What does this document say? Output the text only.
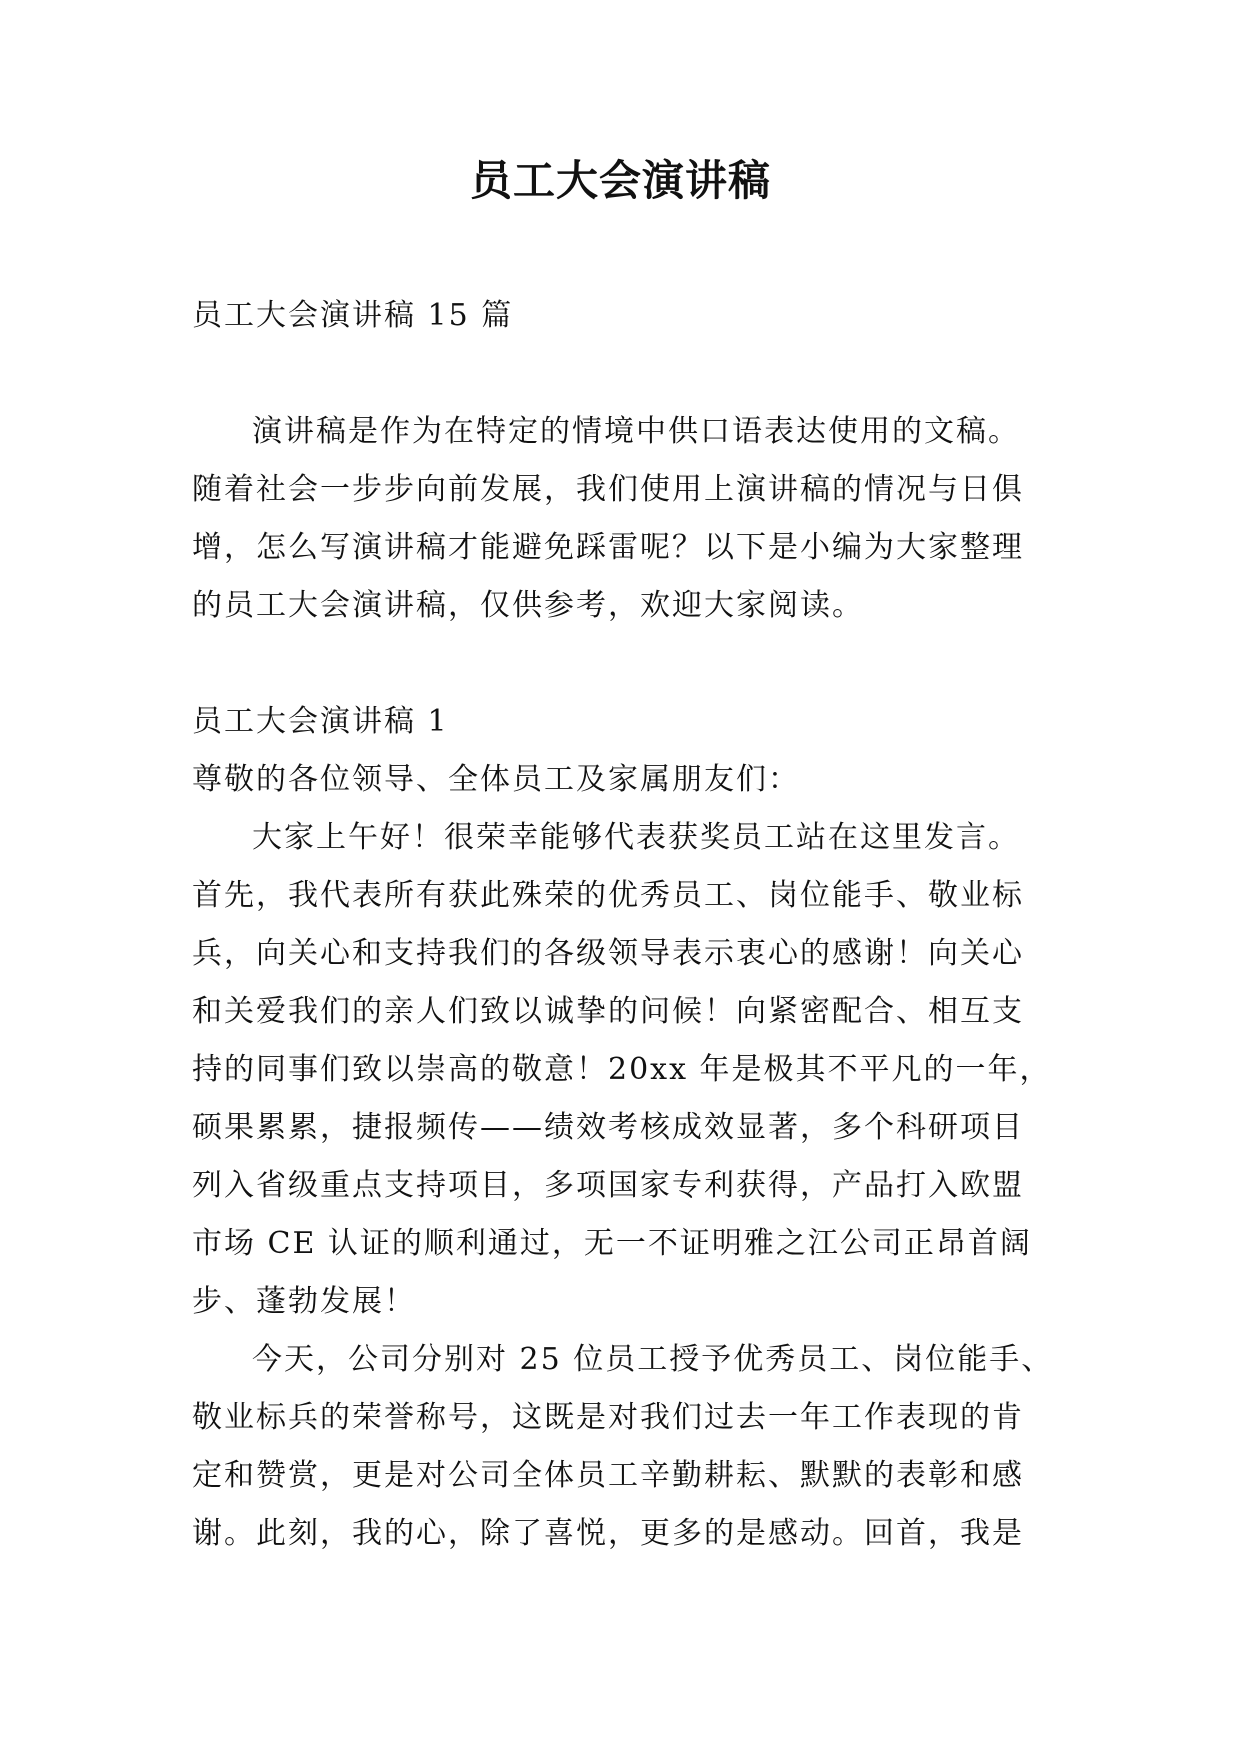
员工大会演讲稿
员工大会演讲稿 15 篇
演讲稿是作为在特定的情境中供口语表达使用的文稿。
随着社会一步步向前发展，我们使用上演讲稿的情况与日俱
增，怎么写演讲稿才能避免踩雷呢？以下是小编为大家整理
的员工大会演讲稿，仅供参考，欢迎大家阅读。
员工大会演讲稿 1
尊敬的各位领导、全体员工及家属朋友们：
大家上午好！很荣幸能够代表获奖员工站在这里发言。
首先，我代表所有获此殊荣的优秀员工、岗位能手、敬业标
兵，向关心和支持我们的各级领导表示衷心的感谢！向关心
和关爱我们的亲人们致以诚挚的问候！向紧密配合、相互支
持的同事们致以崇高的敬意！20xx 年是极其不平凡的一年，
硕果累累，捷报频传——绩效考核成效显著，多个科研项目
列入省级重点支持项目，多项国家专利获得，产品打入欧盟
市场 CE 认证的顺利通过，无一不证明雅之江公司正昂首阔
步、蓬勃发展！
今天，公司分别对 25 位员工授予优秀员工、岗位能手、
敬业标兵的荣誉称号，这既是对我们过去一年工作表现的肯
定和赞赏，更是对公司全体员工辛勤耕耘、默默的表彰和感
谢。此刻，我的心，除了喜悦，更多的是感动。回首，我是
